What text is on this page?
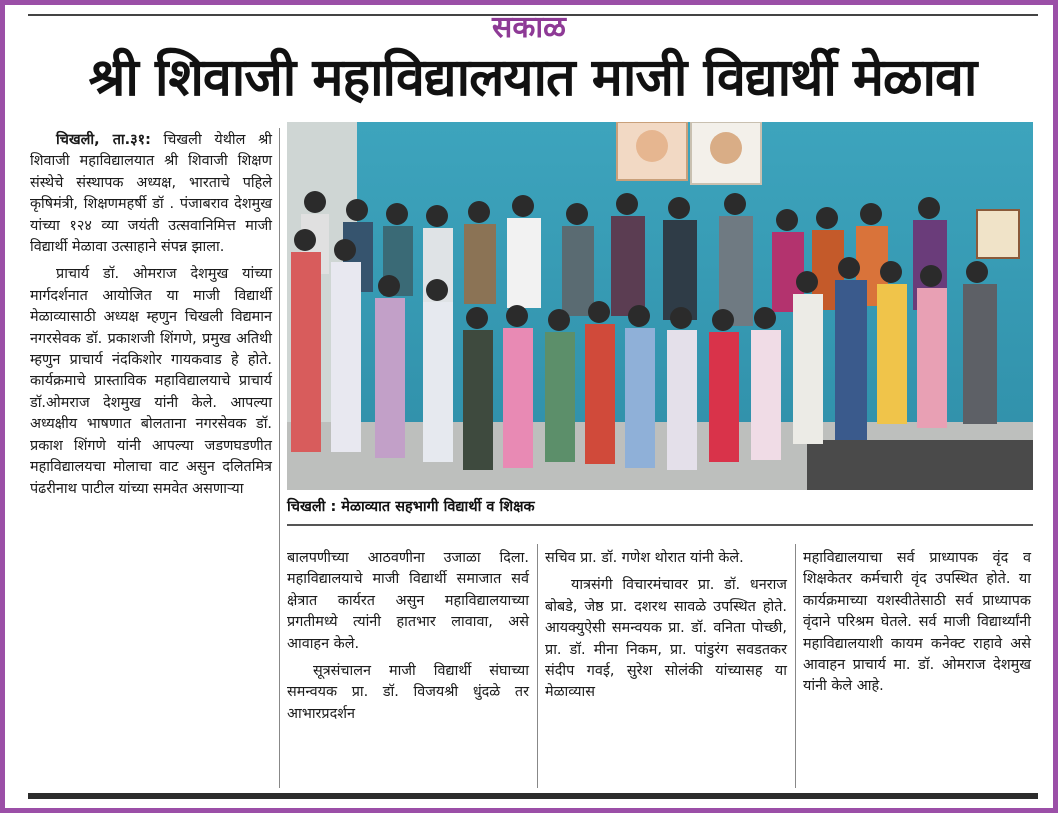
सकाळ
श्री शिवाजी महाविद्यालयात माजी विद्यार्थी मेळावा

चिखली, ता.३१: चिखली येथील श्री शिवाजी महाविद्यालयात श्री शिवाजी शिक्षण संस्थेचे संस्थापक अध्यक्ष, भारताचे पहिले कृषिमंत्री, शिक्षणमहर्षी डॉ . पंजाबराव देशमुख यांच्या १२४ व्या जयंती उत्सवानिमित्त माजी विद्यार्थी मेळावा उत्साहाने संपन्न झाला.

प्राचार्य डॉ. ओमराज देशमुख यांच्या मार्गदर्शनात आयोजित या माजी विद्यार्थी मेळाव्यासाठी अध्यक्ष म्हणुन चिखली विद्यमान नगरसेवक डॉ. प्रकाशजी शिंगणे, प्रमुख अतिथी म्हणुन प्राचार्य नंदकिशोर गायकवाड हे होते. कार्यक्रमाचे प्रास्ताविक महाविद्यालयाचे प्राचार्य डॉ.ओमराज देशमुख यांनी केले. आपल्या अध्यक्षीय भाषणात बोलताना नगरसेवक डॉ. प्रकाश शिंगणे यांनी आपल्या जडणघडणीत महाविद्यालयचा मोलाचा वाट असुन दलितमित्र पंढरीनाथ पाटील यांच्या समवेत असणाऱ्या

चिखली : मेळाव्यात सहभागी विद्यार्थी व शिक्षक

बालपणीच्या आठवणीना उजाळा दिला. महाविद्यालयाचे माजी विद्यार्थी समाजात सर्व क्षेत्रात कार्यरत असुन महाविद्यालयाच्या प्रगतीमध्ये त्यांनी हातभार लावावा, असे आवाहन केले.

सूत्रसंचालन माजी विद्यार्थी संघाच्या समन्वयक प्रा. डॉ. विजयश्री धुंदळे तर आभारप्रदर्शन

सचिव प्रा. डॉ. गणेश थोरात यांनी केले.

यात्रसंगी विचारमंचावर प्रा. डॉ. धनराज बोबडे, जेष्ठ प्रा. दशरथ सावळे उपस्थित होते. आयक्युऐसी समन्वयक प्रा. डॉ. वनिता पोच्छी, प्रा. डॉ. मीना निकम, प्रा. पांडुरंग सवडतकर संदीप गवई, सुरेश सोलंकी यांच्यासह या मेळाव्यास

महाविद्यालयाचा सर्व प्राध्यापक वृंद व शिक्षकेतर कर्मचारी वृंद उपस्थित होते. या कार्यक्रमाच्या यशस्वीतेसाठी सर्व प्राध्यापक वृंदाने परिश्रम घेतले. सर्व माजी विद्यार्थ्यांनी महाविद्यालयाशी कायम कनेक्ट राहावे असे आवाहन प्राचार्य मा. डॉ. ओमराज देशमुख यांनी केले आहे.
